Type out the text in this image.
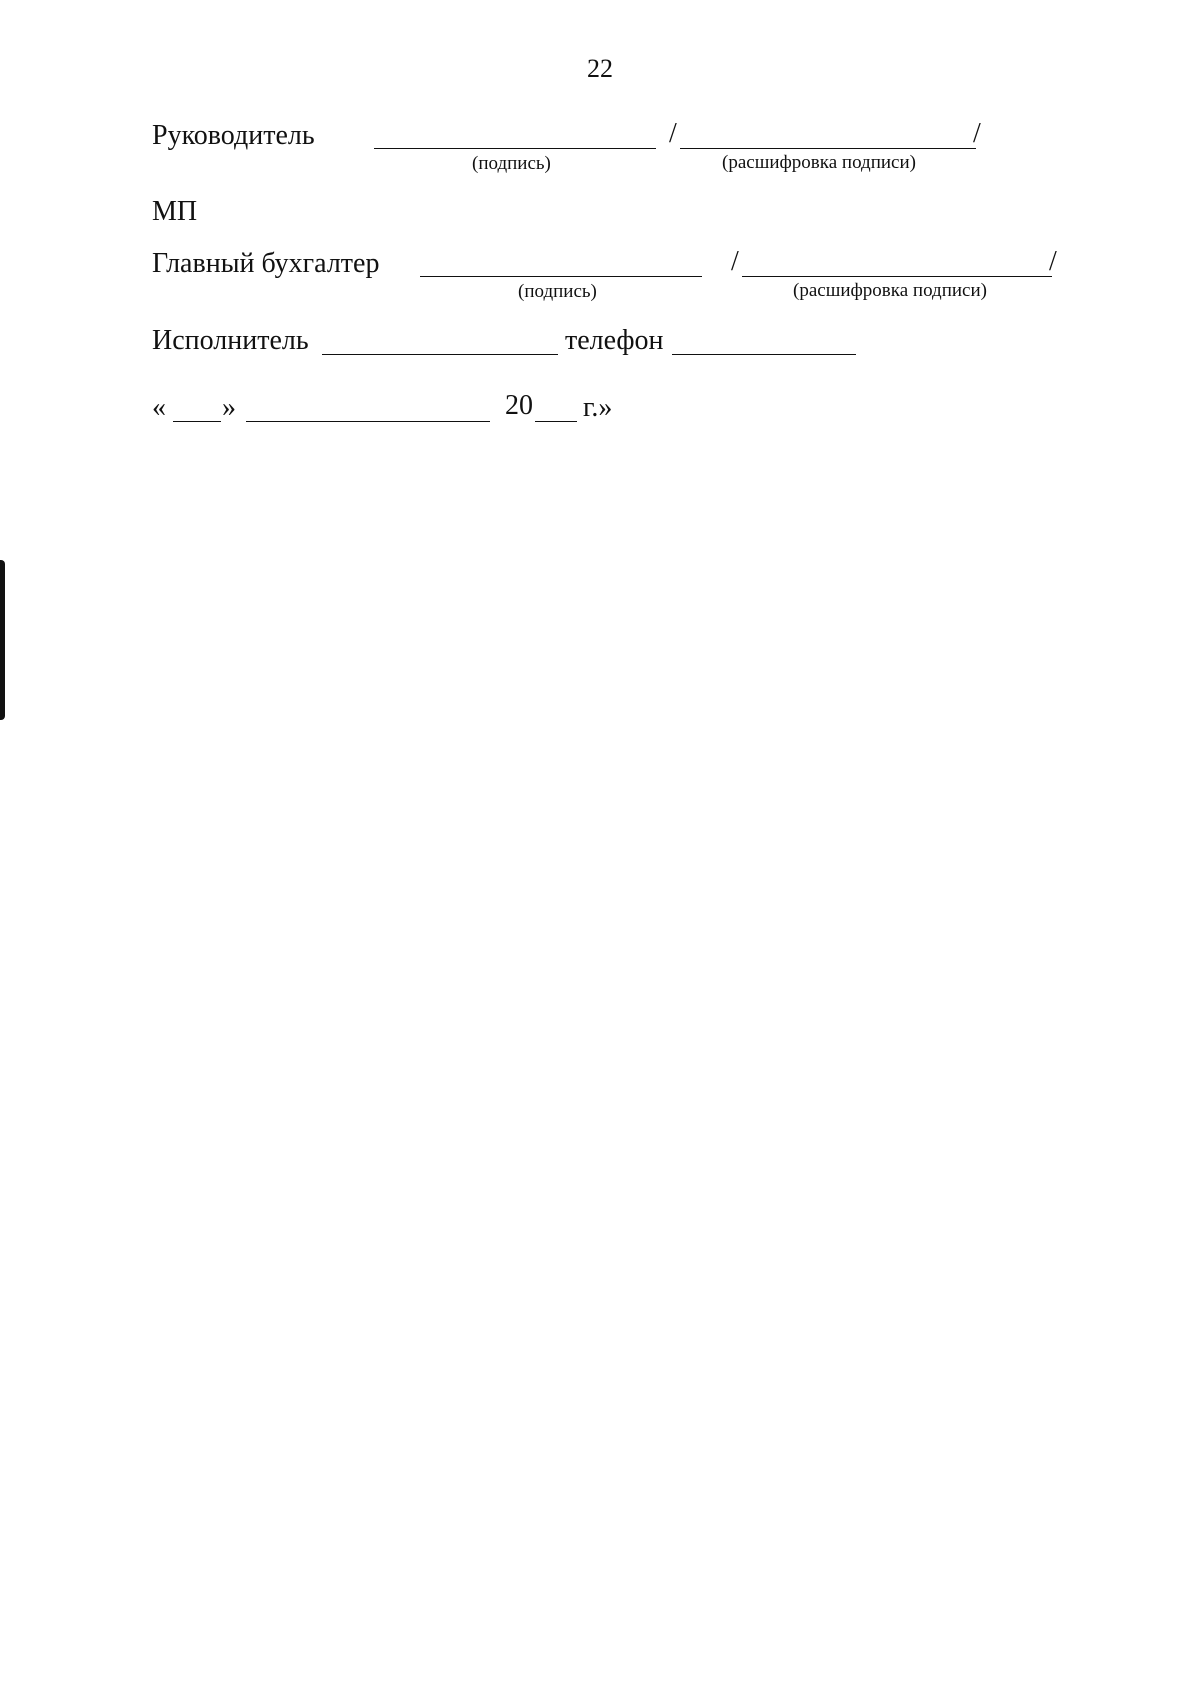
22
Руководитель	/	/
(подпись)	(расшифровка подписи)
МП
Главный бухгалтер	/	/
(подпись)	(расшифровка подписи)
Исполнитель	телефон
« »	20 г.»
